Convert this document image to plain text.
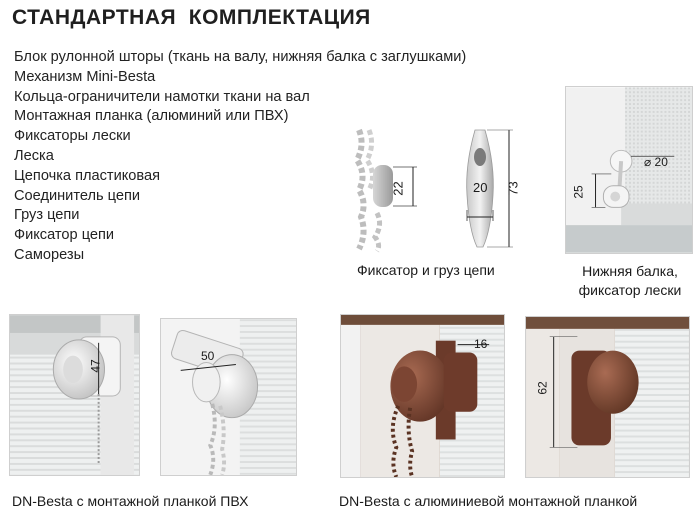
СТАНДАРТНАЯ  КОМПЛЕКТАЦИЯ
Блок рулонной шторы (ткань на валу, нижняя балка с заглушками)
Механизм Mini-Besta
Кольца-ограничители намотки ткани на вал
Монтажная планка (алюминий или ПВХ)
Фиксаторы лески
Леска
Цепочка пластиковая
Соединитель цепи
Груз цепи
Фиксатор цепи
Саморезы
22	20 73
Фиксатор и груз цепи
⌀ 20
25
Нижняя балка,
фиксатор лески
47
50
16
62
DN-Besta с монтажной планкой ПВХ	DN-Besta с алюминиевой монтажной планкой
